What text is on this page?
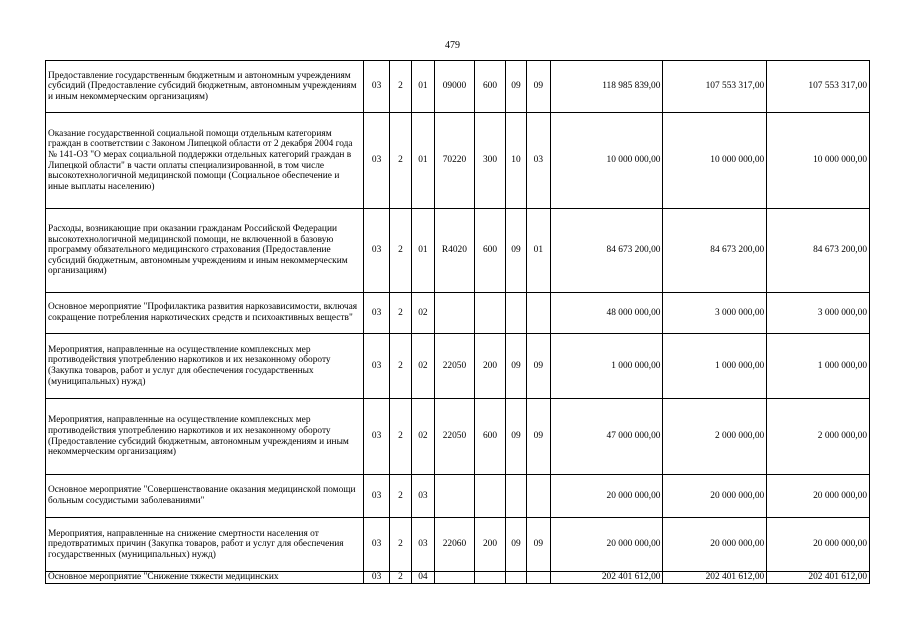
479
Предоставление государственным бюджетным и автономным учреждениям субсидий (Предоставление субсидий бюджетным, автономным учреждениям и иным некоммерческим организациям)	03	2	01	09000	600	09	09	118 985 839,00	107 553 317,00	107 553 317,00
Оказание государственной социальной помощи отдельным категориям граждан в соответствии с Законом Липецкой области от 2 декабря 2004 года № 141-ОЗ "О мерах социальной поддержки отдельных категорий граждан в Липецкой области" в части оплаты специализированной, в том числе высокотехнологичной медицинской помощи (Социальное обеспечение и иные выплаты населению)	03	2	01	70220	300	10	03	10 000 000,00	10 000 000,00	10 000 000,00
Расходы, возникающие при оказании гражданам Российской Федерации высокотехнологичной медицинской помощи, не включенной в базовую программу обязательного медицинского страхования (Предоставление субсидий бюджетным, автономным учреждениям и иным некоммерческим организациям)	03	2	01	R4020	600	09	01	84 673 200,00	84 673 200,00	84 673 200,00
Основное мероприятие "Профилактика развития наркозависимости, включая сокращение потребления наркотических средств и психоактивных веществ"	03	2	02					48 000 000,00	3 000 000,00	3 000 000,00
Мероприятия, направленные на осуществление комплексных мер противодействия употреблению наркотиков и их незаконному обороту (Закупка товаров, работ и услуг для обеспечения государственных (муниципальных) нужд)	03	2	02	22050	200	09	09	1 000 000,00	1 000 000,00	1 000 000,00
Мероприятия, направленные на осуществление комплексных мер противодействия употреблению наркотиков и их незаконному обороту (Предоставление субсидий бюджетным, автономным учреждениям и иным некоммерческим организациям)	03	2	02	22050	600	09	09	47 000 000,00	2 000 000,00	2 000 000,00
Основное мероприятие "Совершенствование оказания медицинской помощи больным сосудистыми заболеваниями"	03	2	03					20 000 000,00	20 000 000,00	20 000 000,00
Мероприятия, направленные на снижение смертности населения от предотвратимых причин (Закупка товаров, работ и услуг для обеспечения государственных (муниципальных) нужд)	03	2	03	22060	200	09	09	20 000 000,00	20 000 000,00	20 000 000,00
Основное мероприятие "Снижение тяжести медицинских	03	2	04					202 401 612,00	202 401 612,00	202 401 612,00
